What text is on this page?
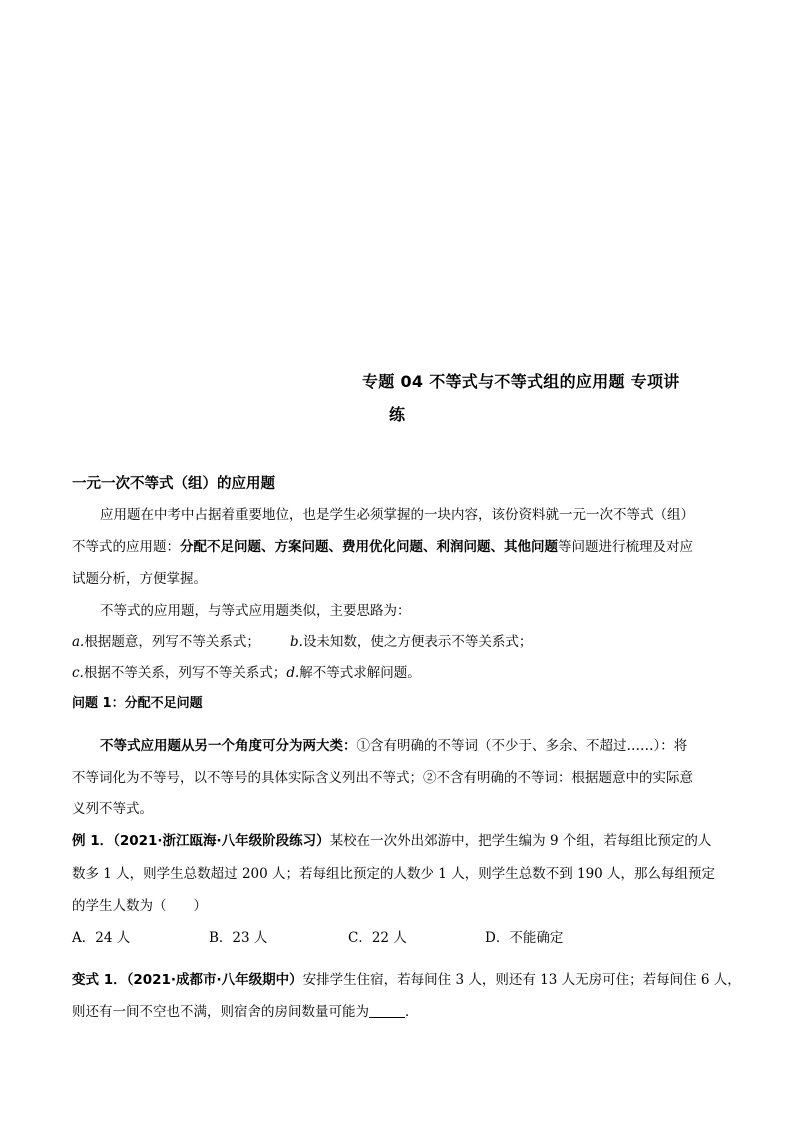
专题 04 不等式与不等式组的应用题 专项讲
练
一元一次不等式（组）的应用题
应用题在中考中占据着重要地位，也是学生必须掌握的一块内容，该份资料就一元一次不等式（组）
不等式的应用题：分配不足问题、方案问题、费用优化问题、利润问题、其他问题等问题进行梳理及对应
试题分析，方便掌握。
不等式的应用题，与等式应用题类似，主要思路为：
a.根据题意，列写不等关系式； b.设未知数，使之方便表示不等关系式；
c.根据不等关系，列写不等关系式；d.解不等式求解问题。
问题 1：分配不足问题
不等式应用题从另一个角度可分为两大类：①含有明确的不等词（不少于、多余、不超过……）：将
不等词化为不等号，以不等号的具体实际含义列出不等式；②不含有明确的不等词：根据题意中的实际意
义列不等式。
例 1．（2021·浙江瓯海·八年级阶段练习）某校在一次外出郊游中，把学生编为 9 个组，若每组比预定的人
数多 1 人，则学生总数超过 200 人；若每组比预定的人数少 1 人，则学生总数不到 190 人，那么每组预定
的学生人数为（　　）
A．24 人	B．23 人	C．22 人	D．不能确定
变式 1．（2021·成都市·八年级期中）安排学生住宿，若每间住 3 人，则还有 13 人无房可住；若每间住 6 人，
则还有一间不空也不满，则宿舍的房间数量可能为	．
